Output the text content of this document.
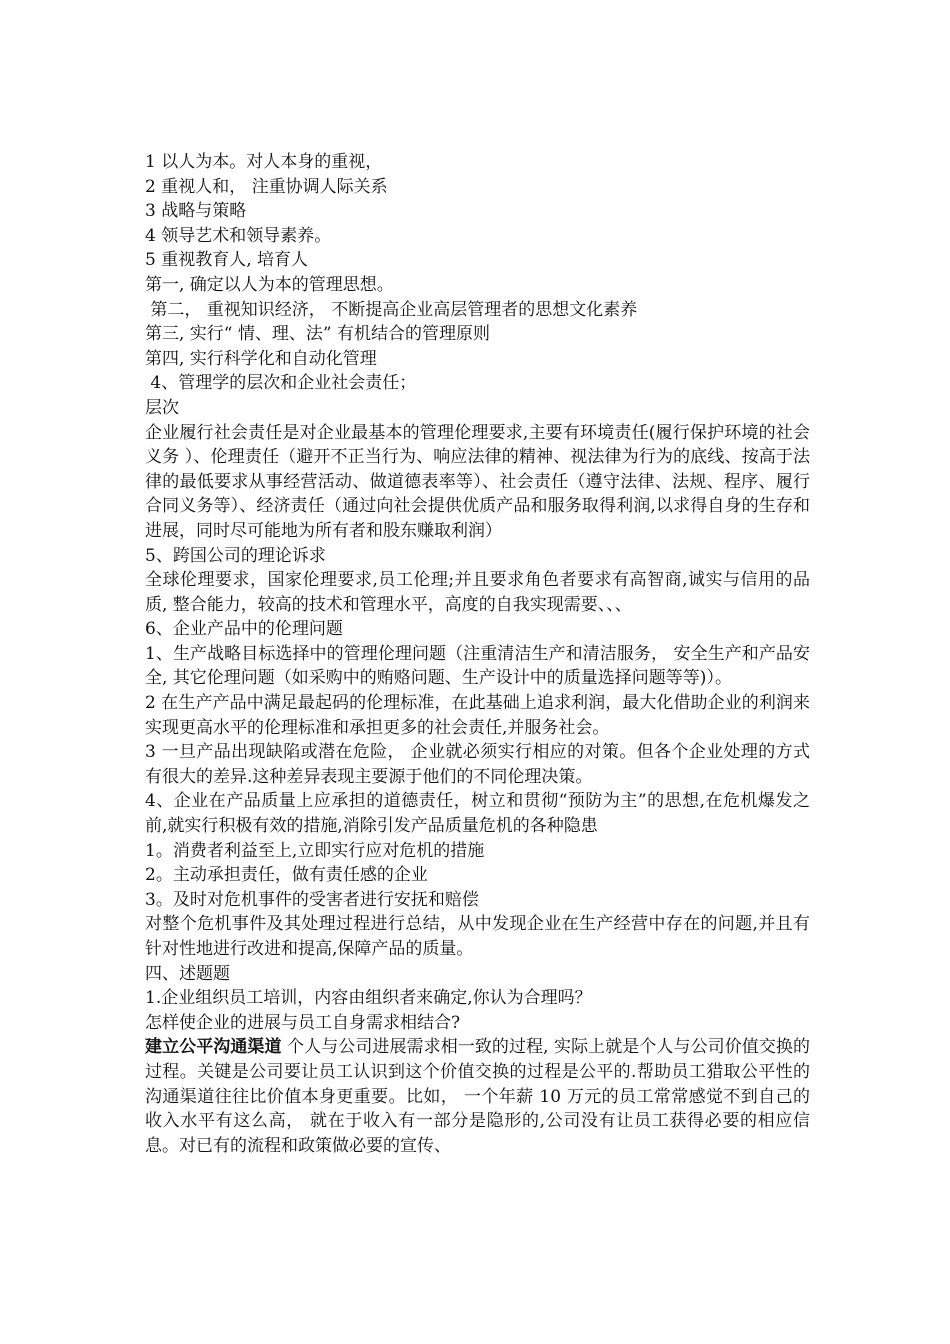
1 以人为本。对人本身的重视，
2 重视人和， 注重协调人际关系
3 战略与策略
4 领导艺术和领导素养。
5 重视教育人, 培育人
第一, 确定以人为本的管理思想。
第二， 重视知识经济， 不断提高企业高层管理者的思想文化素养
第三, 实行“ 情、理、法” 有机结合的管理原则
第四, 实行科学化和自动化管理
4、管理学的层次和企业社会责任；
层次
企业履行社会责任是对企业最基本的管理伦理要求,主要有环境责任(履行保护环境的社会义务 ）、伦理责任（避开不正当行为、响应法律的精神、视法律为行为的底线、按高于法律的最低要求从事经营活动、做道德表率等）、社会责任（遵守法律、法规、程序、履行合同义务等）、经济责任（通过向社会提供优质产品和服务取得利润,以求得自身的生存和进展，同时尽可能地为所有者和股东赚取利润）
5、跨国公司的理论诉求
全球伦理要求，国家伦理要求,员工伦理;并且要求角色者要求有高智商,诚实与信用的品质, 整合能力，较高的技术和管理水平，高度的自我实现需要、、、
6、企业产品中的伦理问题
1、生产战略目标选择中的管理伦理问题（注重清洁生产和清洁服务， 安全生产和产品安全, 其它伦理问题（如采购中的贿赂问题、生产设计中的质量选择问题等等)）。
2 在生产产品中满足最起码的伦理标准，在此基础上追求利润，最大化借助企业的利润来实现更高水平的伦理标准和承担更多的社会责任,并服务社会。
3 一旦产品出现缺陷或潜在危险， 企业就必须实行相应的对策。但各个企业处理的方式有很大的差异.这种差异表现主要源于他们的不同伦理决策。
4、企业在产品质量上应承担的道德责任，树立和贯彻“预防为主”的思想,在危机爆发之前,就实行积极有效的措施,消除引发产品质量危机的各种隐患
1。消费者利益至上,立即实行应对危机的措施
2。主动承担责任，做有责任感的企业
3。及时对危机事件的受害者进行安抚和赔偿
对整个危机事件及其处理过程进行总结，从中发现企业在生产经营中存在的问题,并且有针对性地进行改进和提高,保障产品的质量。
四、述题题
1.企业组织员工培训，内容由组织者来确定,你认为合理吗？
怎样使企业的进展与员工自身需求相结合?
建立公平沟通渠道 个人与公司进展需求相一致的过程, 实际上就是个人与公司价值交换的过程。关键是公司要让员工认识到这个价值交换的过程是公平的.帮助员工猎取公平性的沟通渠道往往比价值本身更重要。比如， 一个年薪 10 万元的员工常常感觉不到自己的收入水平有这么高， 就在于收入有一部分是隐形的,公司没有让员工获得必要的相应信息。对已有的流程和政策做必要的宣传、
